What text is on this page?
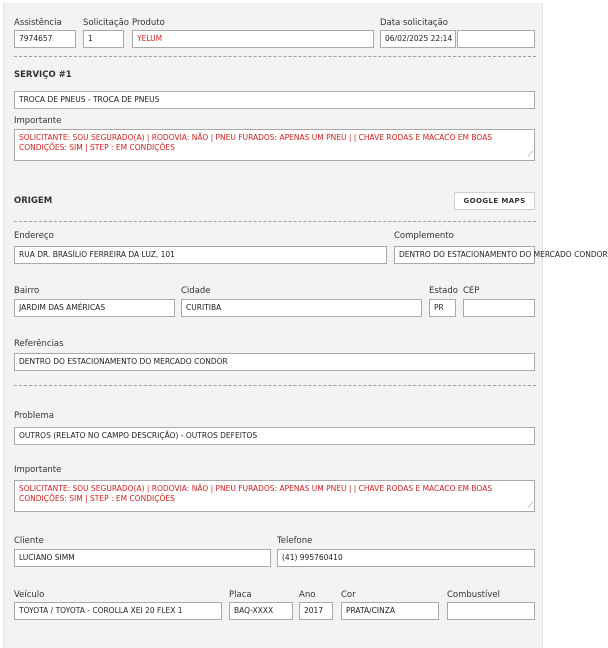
Assistência
7974657
Solicitação
1
Produto
YELUM
Data solicitação
06/02/2025 22:14
SERVIÇO #1
TROCA DE PNEUS - TROCA DE PNEUS
Importante
SOLICITANTE: SOU SEGURADO(A) | RODOVIA: NÃO | PNEU FURADOS: APENAS UM PNEU | | CHAVE RODAS E MACACO EM BOAS CONDIÇÕES: SIM | STEP : EM CONDIÇÕES
⟋
ORIGEM	GOOGLE MAPS
Endereço
RUA DR. BRASÍLIO FERREIRA DA LUZ, 101
Complemento
DENTRO DO ESTACIONAMENTO DO MERCADO CONDOR
Bairro
JARDIM DAS AMÉRICAS
Cidade
CURITIBA
Estado
PR
CEP
Referências
DENTRO DO ESTACIONAMENTO DO MERCADO CONDOR
Problema
OUTROS (RELATO NO CAMPO DESCRIÇÃO) - OUTROS DEFEITOS
Importante
SOLICITANTE: SOU SEGURADO(A) | RODOVIA: NÃO | PNEU FURADOS: APENAS UM PNEU | | CHAVE RODAS E MACACO EM BOAS CONDIÇÕES: SIM | STEP : EM CONDIÇÕES
⟋
Cliente
LUCIANO SIMM
Telefone
(41) 995760410
Veículo
TOYOTA / TOYOTA - COROLLA XEI 20 FLEX 1
Placa
BAQ-XXXX
Ano
2017
Cor
PRATA/CINZA
Combustível
